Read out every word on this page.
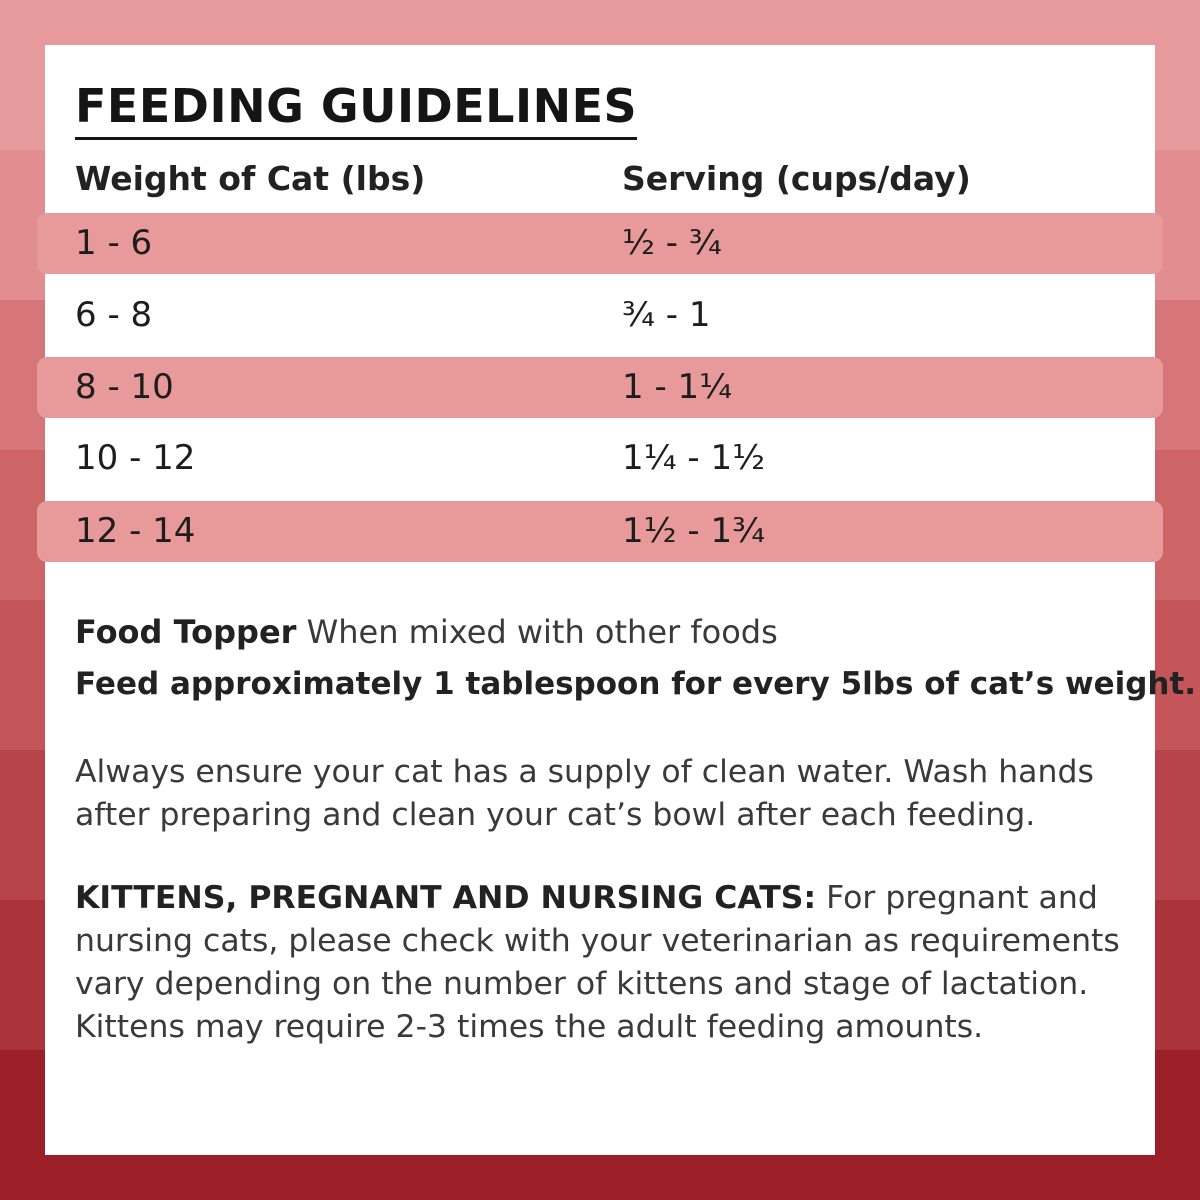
FEEDING GUIDELINES
Weight of Cat (lbs)	Serving (cups/day)
1 - 6	½ - ¾
6 - 8	¾ - 1
8 - 10	1 - 1¼
10 - 12	1¼ - 1½
12 - 14	1½ - 1¾
Food Topper When mixed with other foods
Feed approximately 1 tablespoon for every 5lbs of cat’s weight.

Always ensure your cat has a supply of clean water. Wash hands after preparing and clean your cat’s bowl after each feeding.

KITTENS, PREGNANT AND NURSING CATS: For pregnant and nursing cats, please check with your veterinarian as requirements vary depending on the number of kittens and stage of lactation. Kittens may require 2-3 times the adult feeding amounts.
